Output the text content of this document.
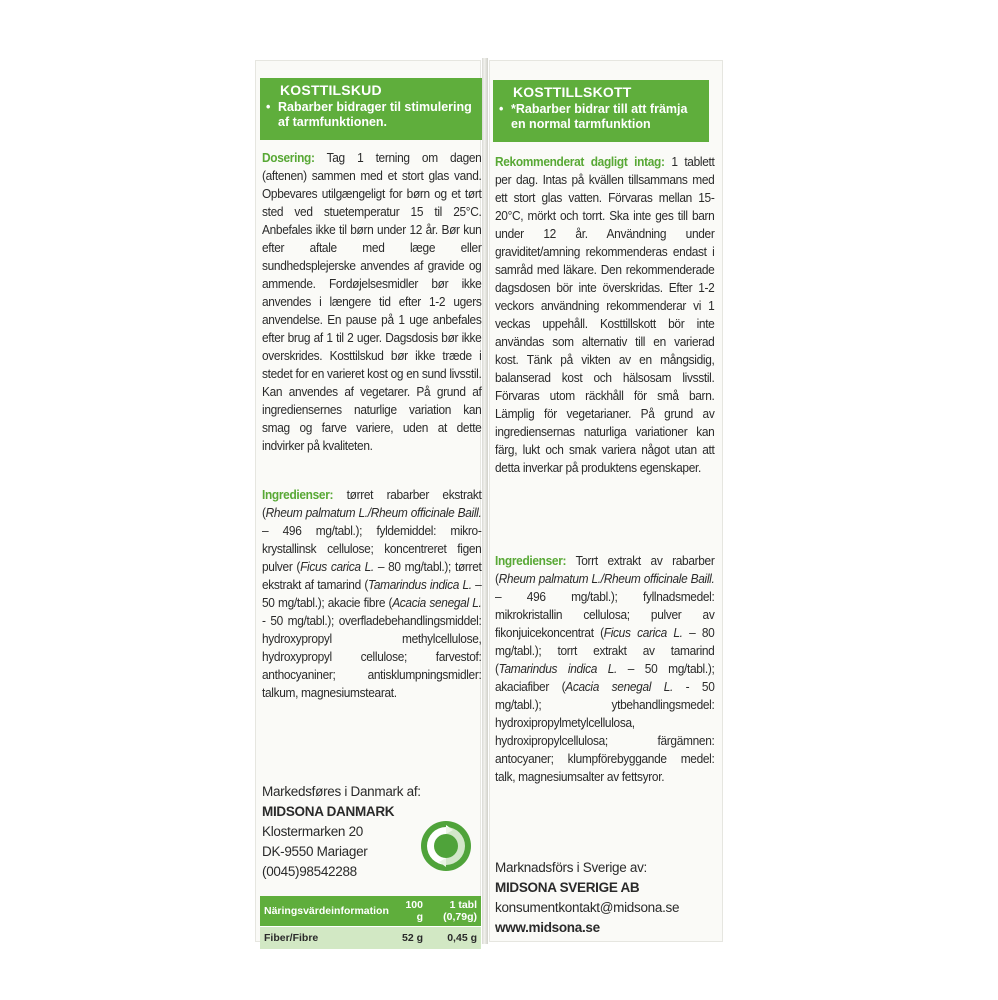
KOSTTILSKUD
• Rabarber bidrager til stimulering af tarmfunktionen.

Dosering: Tag 1 terning om dagen (aftenen) sammen med et stort glas vand. Opbevares utilgængeligt for børn og et tørt sted ved stuetemperatur 15 til 25°C. Anbefales ikke til børn under 12 år. Bør kun efter aftale med læge eller sundhedsplejerske anvendes af gravide og ammende. Fordøjelsesmidler bør ikke anvendes i længere tid efter 1-2 ugers anvendelse. En pause på 1 uge anbefales efter brug af 1 til 2 uger. Dagsdosis bør ikke overskrides. Kosttilskud bør ikke træde i stedet for en varieret kost og en sund livsstil. Kan anvendes af vegetarer. På grund af ingrediensernes naturlige variation kan smag og farve variere, uden at dette indvirker på kvaliteten.

Ingredienser: tørret rabarber ekstrakt (Rheum palmatum L./Rheum officinale Baill. – 496 mg/tabl.); fyldemiddel: mikro-krystallinsk cellulose; koncentreret figen pulver (Ficus carica L. – 80 mg/tabl.); tørret ekstrakt af tamarind (Tamarindus indica L. – 50 mg/tabl.); akacie fibre (Acacia senegal L. - 50 mg/tabl.); overfladebehandlingsmiddel: hydroxypropyl methylcellulose, hydroxypropyl cellulose; farvestof: anthocyaniner; antisklumpningsmidler: talkum, magnesiumstearat.

Markedsføres i Danmark af:
MIDSONA DANMARK
Klostermarken 20
DK-9550 Mariager
(0045)98542288
Näringsvärdeinformation	100 g	1 tabl (0,79g)
Fiber/Fibre	52 g	0,45 g
KOSTTILLSKOTT
• *Rabarber bidrar till att främja en normal tarmfunktion

Rekommenderat dagligt intag: 1 tablett per dag. Intas på kvällen tillsammans med ett stort glas vatten. Förvaras mellan 15-20°C, mörkt och torrt. Ska inte ges till barn under 12 år. Användning under graviditet/amning rekommenderas endast i samråd med läkare. Den rekommenderade dagsdosen bör inte överskridas. Efter 1-2 veckors användning rekommenderar vi 1 veckas uppehåll. Kosttillskott bör inte användas som alternativ till en varierad kost. Tänk på vikten av en mångsidig, balanserad kost och hälsosam livsstil. Förvaras utom räckhåll för små barn. Lämplig för vegetarianer. På grund av ingrediensernas naturliga variationer kan färg, lukt och smak variera något utan att detta inverkar på produktens egenskaper.

Ingredienser: Torrt extrakt av rabarber (Rheum palmatum L./Rheum officinale Baill. – 496 mg/tabl.); fyllnadsmedel: mikrokristallin cellulosa; pulver av fikonjuicekoncentrat (Ficus carica L. – 80 mg/tabl.); torrt extrakt av tamarind (Tamarindus indica L. – 50 mg/tabl.); akaciafiber (Acacia senegal L. - 50 mg/tabl.); ytbehandlingsmedel: hydroxipropylmetylcellulosa, hydroxipropylcellulosa; färgämnen: antocyaner; klumpförebyggande medel: talk, magnesiumsalter av fettsyror.

Marknadsförs i Sverige av:
MIDSONA SVERIGE AB
konsumentkontakt@midsona.se
www.midsona.se
